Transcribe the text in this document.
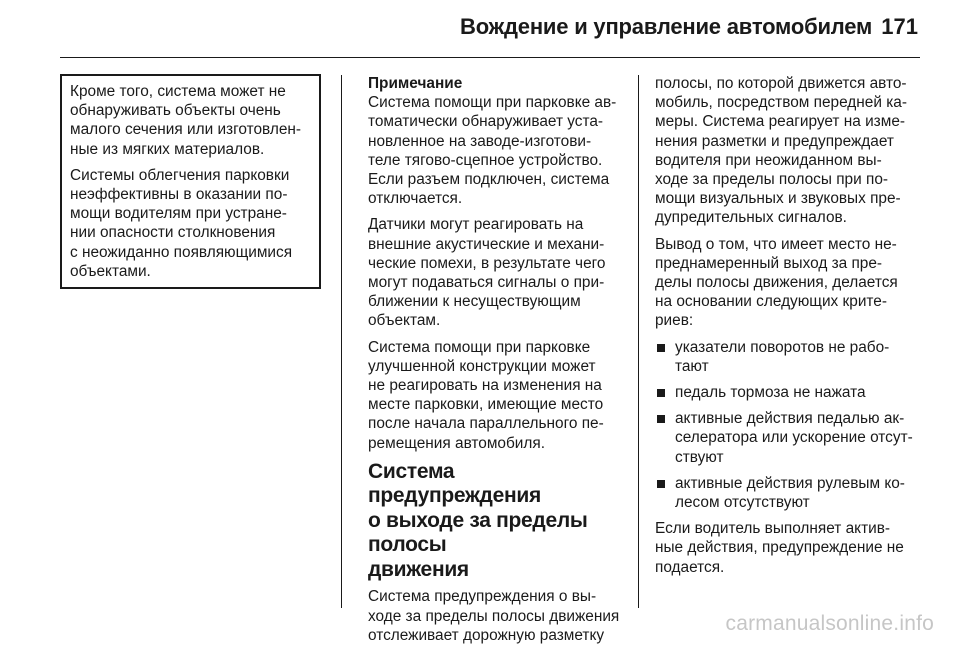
Вождение и управление автомобилем 171

Кроме того, система может не
обнаруживать объекты очень
малого сечения или изготовлен-
ные из мягких материалов.

Системы облегчения парковки
неэффективны в оказании по-
мощи водителям при устране-
нии опасности столкновения
с неожиданно появляющимися
объектами.

Примечание

Система помощи при парковке ав-
томатически обнаруживает уста-
новленное на заводе-изготови-
теле тягово-сцепное устройство.
Если разъем подключен, система
отключается.

Датчики могут реагировать на
внешние акустические и механи-
ческие помехи, в результате чего
могут подаваться сигналы о при-
ближении к несуществующим
объектам.

Система помощи при парковке
улучшенной конструкции может
не реагировать на изменения на
месте парковки, имеющие место
после начала параллельного пе-
ремещения автомобиля.

Система предупреждения
о выходе за пределы полосы
движения

Система предупреждения о вы-
ходе за пределы полосы движения
отслеживает дорожную разметку

полосы, по которой движется авто-
мобиль, посредством передней ка-
меры. Система реагирует на изме-
нения разметки и предупреждает
водителя при неожиданном вы-
ходе за пределы полосы при по-
мощи визуальных и звуковых пре-
дупредительных сигналов.

Вывод о том, что имеет место не-
преднамеренный выход за пре-
делы полосы движения, делается
на основании следующих крите-
риев:

указатели поворотов не рабо-
тают
педаль тормоза не нажата
активные действия педалью ак-
селератора или ускорение отсут-
ствуют
активные действия рулевым ко-
лесом отсутствуют

Если водитель выполняет актив-
ные действия, предупреждение не
подается.

carmanualsonline.info
